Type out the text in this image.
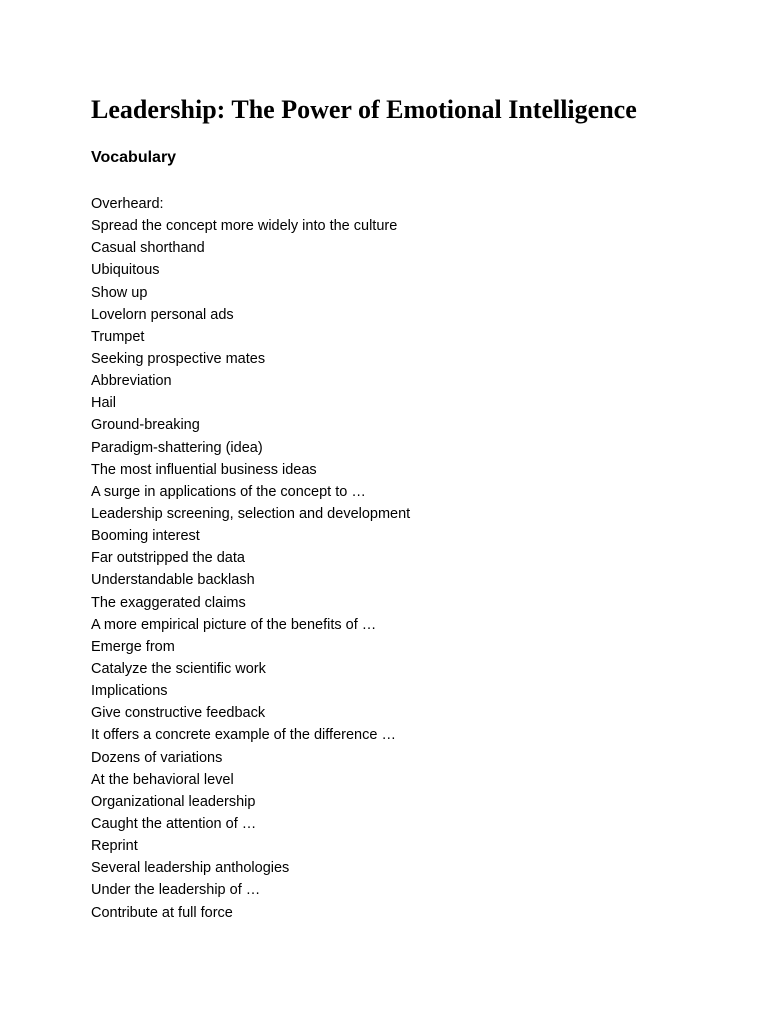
Leadership: The Power of Emotional Intelligence
Vocabulary
Overheard:
Spread the concept more widely into the culture
Casual shorthand
Ubiquitous
Show up
Lovelorn personal ads
Trumpet
Seeking prospective mates
Abbreviation
Hail
Ground-breaking
Paradigm-shattering (idea)
The most influential business ideas
A surge in applications of the concept to …
Leadership screening, selection and development
Booming interest
Far outstripped the data
Understandable backlash
The exaggerated claims
A more empirical picture of the benefits of …
Emerge from
Catalyze the scientific work
Implications
Give constructive feedback
It offers a concrete example of the difference …
Dozens of variations
At the behavioral level
Organizational leadership
Caught the attention of …
Reprint
Several leadership anthologies
Under the leadership of …
Contribute at full force
